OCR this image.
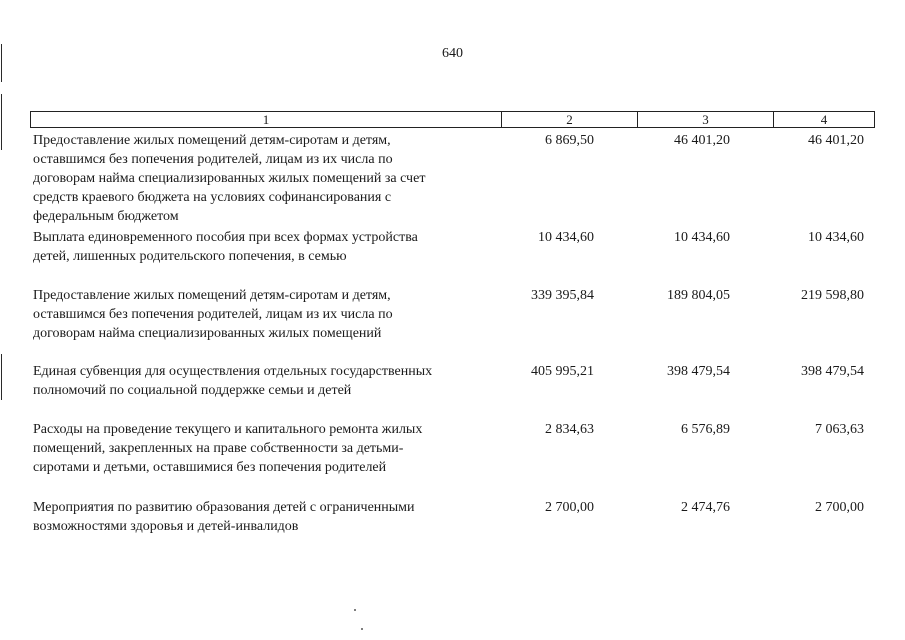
640
1	2	3	4
Предоставление жилых помещений детям-сиротам и детям,
оставшимся без попечения родителей, лицам из их числа по
договорам найма специализированных жилых помещений за счет
средств краевого бюджета на условиях софинансирования с
федеральным бюджетом
6 869,50	46 401,20	46 401,20
Выплата единовременного пособия при всех формах устройства
детей, лишенных родительского попечения, в семью
10 434,60	10 434,60	10 434,60
Предоставление жилых помещений детям-сиротам и детям,
оставшимся без попечения родителей, лицам из их числа по
договорам найма специализированных жилых помещений
339 395,84	189 804,05	219 598,80
Единая субвенция для осуществления отдельных государственных
полномочий по социальной поддержке семьи и детей
405 995,21	398 479,54	398 479,54
Расходы на проведение текущего и капитального ремонта жилых
помещений, закрепленных на праве собственности за детьми-
сиротами и детьми, оставшимися без попечения родителей
2 834,63	6 576,89	7 063,63
Мероприятия по развитию образования детей с ограниченными
возможностями здоровья и детей-инвалидов
2 700,00	2 474,76	2 700,00
